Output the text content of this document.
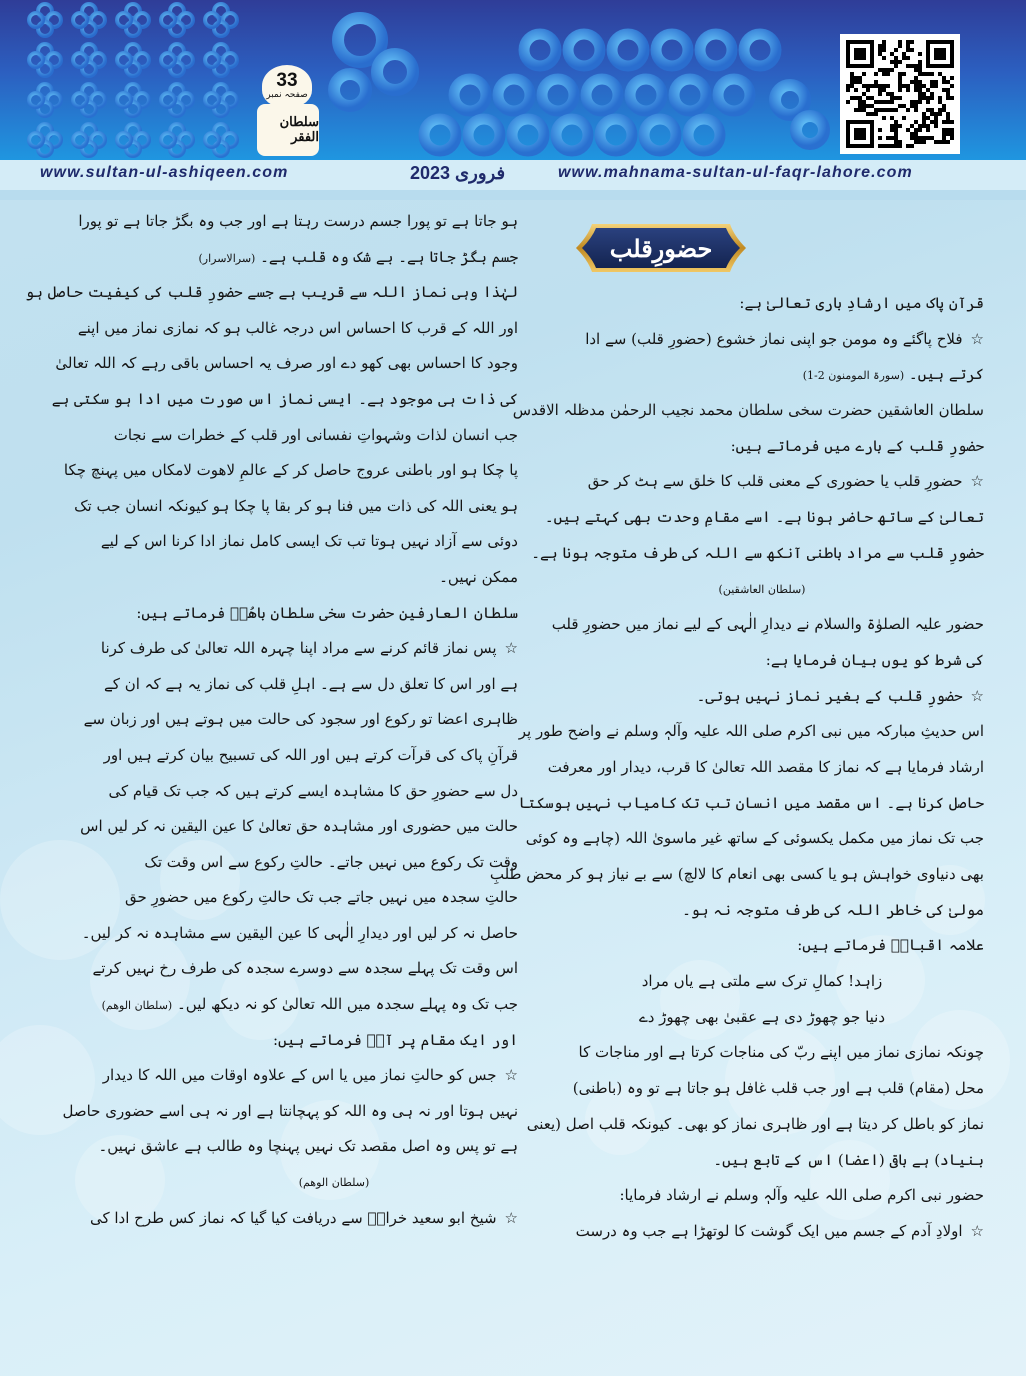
33
صفحہ نمبر
سلطان الفقر
www.sultan-ul-ashiqeen.com	فروری 2023	www.mahnama-sultan-ul-faqr-lahore.com
حضورِقلب
قرآن پاک میں ارشادِ باری تعالیٰ ہے:
☆فلاح پاگئے وہ مومن جو اپنی نماز خشوع (حضورِ قلب) سے ادا
کرتے ہیں۔ (سورۃ المومنون 2-1)
سلطان العاشقین حضرت سخی سلطان محمد نجیب الرحمٰن مدظلہ الاقدس
حضورِ قلب کے بارے میں فرماتے ہیں:
☆حضورِ قلب یا حضوری کے معنی قلب کا خلق سے ہٹ کر حق
تعالیٰ کے ساتھ حاضر ہونا ہے۔ اسے مقامِ وحدت بھی کہتے ہیں۔
حضورِ قلب سے مراد باطنی آنکھ سے اللہ کی طرف متوجہ ہونا ہے۔
(سلطان العاشقین)
حضور علیہ الصلوٰۃ والسلام نے دیدارِ الٰہی کے لیے نماز میں حضورِ قلب
کی شرط کو یوں بیان فرمایا ہے:
☆حضورِ قلب کے بغیر نماز نہیں ہوتی۔
اس حدیثِ مبارکہ میں نبی اکرم صلی اللہ علیہ وآلہٖ وسلم نے واضح طور پر
ارشاد فرمایا ہے کہ نماز کا مقصد اللہ تعالیٰ کا قرب، دیدار اور معرفت
حاصل کرنا ہے۔ اس مقصد میں انسان تب تک کامیاب نہیں ہوسکتا
جب تک نماز میں مکمل یکسوئی کے ساتھ غیر ماسویٰ اللہ (چاہے وہ کوئی
بھی دنیاوی خواہش ہو یا کسی بھی انعام کا لالچ) سے بے نیاز ہو کر محض طلبِ
مولیٰ کی خاطر اللہ کی طرف متوجہ نہ ہو۔
علامہ اقبالؒ فرماتے ہیں:
زاہد! کمالِ ترک سے ملتی ہے یاں مراد
دنیا جو چھوڑ دی ہے عقبیٰ بھی چھوڑ دے
چونکہ نمازی نماز میں اپنے ربّ کی مناجات کرتا ہے اور مناجات کا
محل (مقام) قلب ہے اور جب قلب غافل ہو جاتا ہے تو وہ (باطنی)
نماز کو باطل کر دیتا ہے اور ظاہری نماز کو بھی۔ کیونکہ قلب اصل (یعنی
بنیاد) ہے باقی (اعضا) اس کے تابع ہیں۔
حضور نبی اکرم صلی اللہ علیہ وآلہٖ وسلم نے ارشاد فرمایا:
☆اولادِ آدم کے جسم میں ایک گوشت کا لوتھڑا ہے جب وہ درست
ہو جاتا ہے تو پورا جسم درست رہتا ہے اور جب وہ بگڑ جاتا ہے تو پورا
جسم بگڑ جاتا ہے۔ بے شک وہ قلب ہے۔ (سرالاسرار)
لہٰذا وہی نماز اللہ سے قریب ہے جسے حضورِ قلب کی کیفیت حاصل ہو
اور اللہ کے قرب کا احساس اس درجہ غالب ہو کہ نمازی نماز میں اپنے
وجود کا احساس بھی کھو دے اور صرف یہ احساس باقی رہے کہ اللہ تعالیٰ
کی ذات ہی موجود ہے۔ ایسی نماز اس صورت میں ادا ہو سکتی ہے
جب انسان لذات وشہواتِ نفسانی اور قلب کے خطرات سے نجات
پا چکا ہو اور باطنی عروج حاصل کر کے عالمِ لاھوت لامکاں میں پہنچ چکا
ہو یعنی اللہ کی ذات میں فنا ہو کر بقا پا چکا ہو کیونکہ انسان جب تک
دوئی سے آزاد نہیں ہوتا تب تک ایسی کامل نماز ادا کرنا اس کے لیے
ممکن نہیں۔
سلطان العارفین حضرت سخی سلطان باھُوؒ فرماتے ہیں:
☆پس نماز قائم کرنے سے مراد اپنا چہرہ اللہ تعالیٰ کی طرف کرنا
ہے اور اس کا تعلق دل سے ہے۔ اہلِ قلب کی نماز یہ ہے کہ ان کے
ظاہری اعضا تو رکوع اور سجود کی حالت میں ہوتے ہیں اور زبان سے
قرآنِ پاک کی قرآت کرتے ہیں اور اللہ کی تسبیح بیان کرتے ہیں اور
دل سے حضورِ حق کا مشاہدہ ایسے کرتے ہیں کہ جب تک قیام کی
حالت میں حضوری اور مشاہدہ حق تعالیٰ کا عین الیقین نہ کر لیں اس
وقت تک رکوع میں نہیں جاتے۔ حالتِ رکوع سے اس وقت تک
حالتِ سجدہ میں نہیں جاتے جب تک حالتِ رکوع میں حضورِ حق
حاصل نہ کر لیں اور دیدارِ الٰہی کا عین الیقین سے مشاہدہ نہ کر لیں۔
اس وقت تک پہلے سجدہ سے دوسرے سجدہ کی طرف رخ نہیں کرتے
جب تک وہ پہلے سجدہ میں اللہ تعالیٰ کو نہ دیکھ لیں۔ (سلطان الوھم)
اور ایک مقام پر آپؒ فرماتے ہیں:
☆جس کو حالتِ نماز میں یا اس کے علاوہ اوقات میں اللہ کا دیدار
نہیں ہوتا اور نہ ہی وہ اللہ کو پہچانتا ہے اور نہ ہی اسے حضوری حاصل
ہے تو پس وہ اصل مقصد تک نہیں پہنچا وہ طالب ہے عاشق نہیں۔
(سلطان الوھم)
☆شیخ ابو سعید خرازؒ سے دریافت کیا گیا کہ نماز کس طرح ادا کی
